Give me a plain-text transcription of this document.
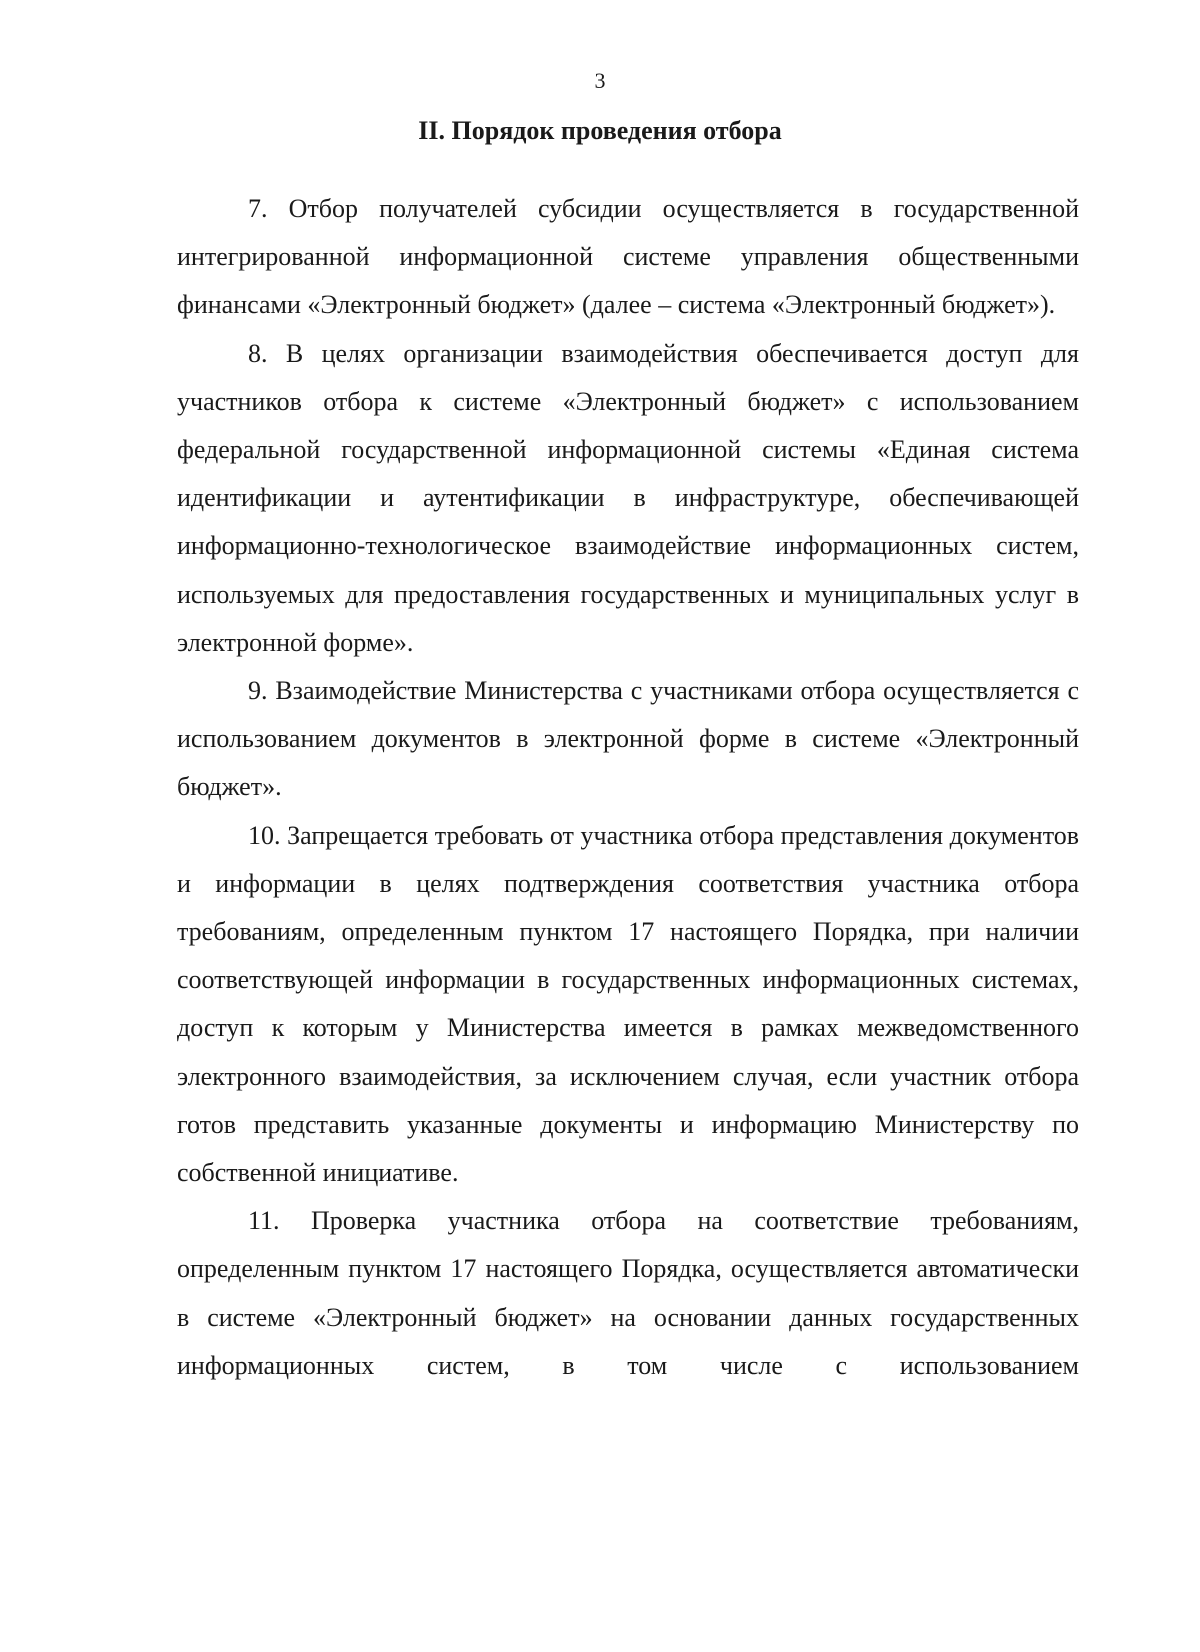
3
II. Порядок проведения отбора

7. Отбор получателей субсидии осуществляется в государственной интегрированной информационной системе управления общественными финансами «Электронный бюджет» (далее – система «Электронный бюджет»).

8. В целях организации взаимодействия обеспечивается доступ для участников отбора к системе «Электронный бюджет» с использованием федеральной государственной информационной системы «Единая система идентификации и аутентификации в инфраструктуре, обеспечивающей информационно-технологическое взаимодействие информационных систем, используемых для предоставления государственных и муниципальных услуг в электронной форме».

9. Взаимодействие Министерства с участниками отбора осуществляется с использованием документов в электронной форме в системе «Электронный бюджет».

10. Запрещается требовать от участника отбора представления документов и информации в целях подтверждения соответствия участника отбора требованиям, определенным пунктом 17 настоящего Порядка, при наличии соответствующей информации в государственных информационных системах, доступ к которым у Министерства имеется в рамках межведомственного электронного взаимодействия, за исключением случая, если участник отбора готов представить указанные документы и информацию Министерству по собственной инициативе.

11. Проверка участника отбора на соответствие требованиям, определенным пунктом 17 настоящего Порядка, осуществляется автоматически в системе «Электронный бюджет» на основании данных государственных информационных систем, в том числе с использованием
